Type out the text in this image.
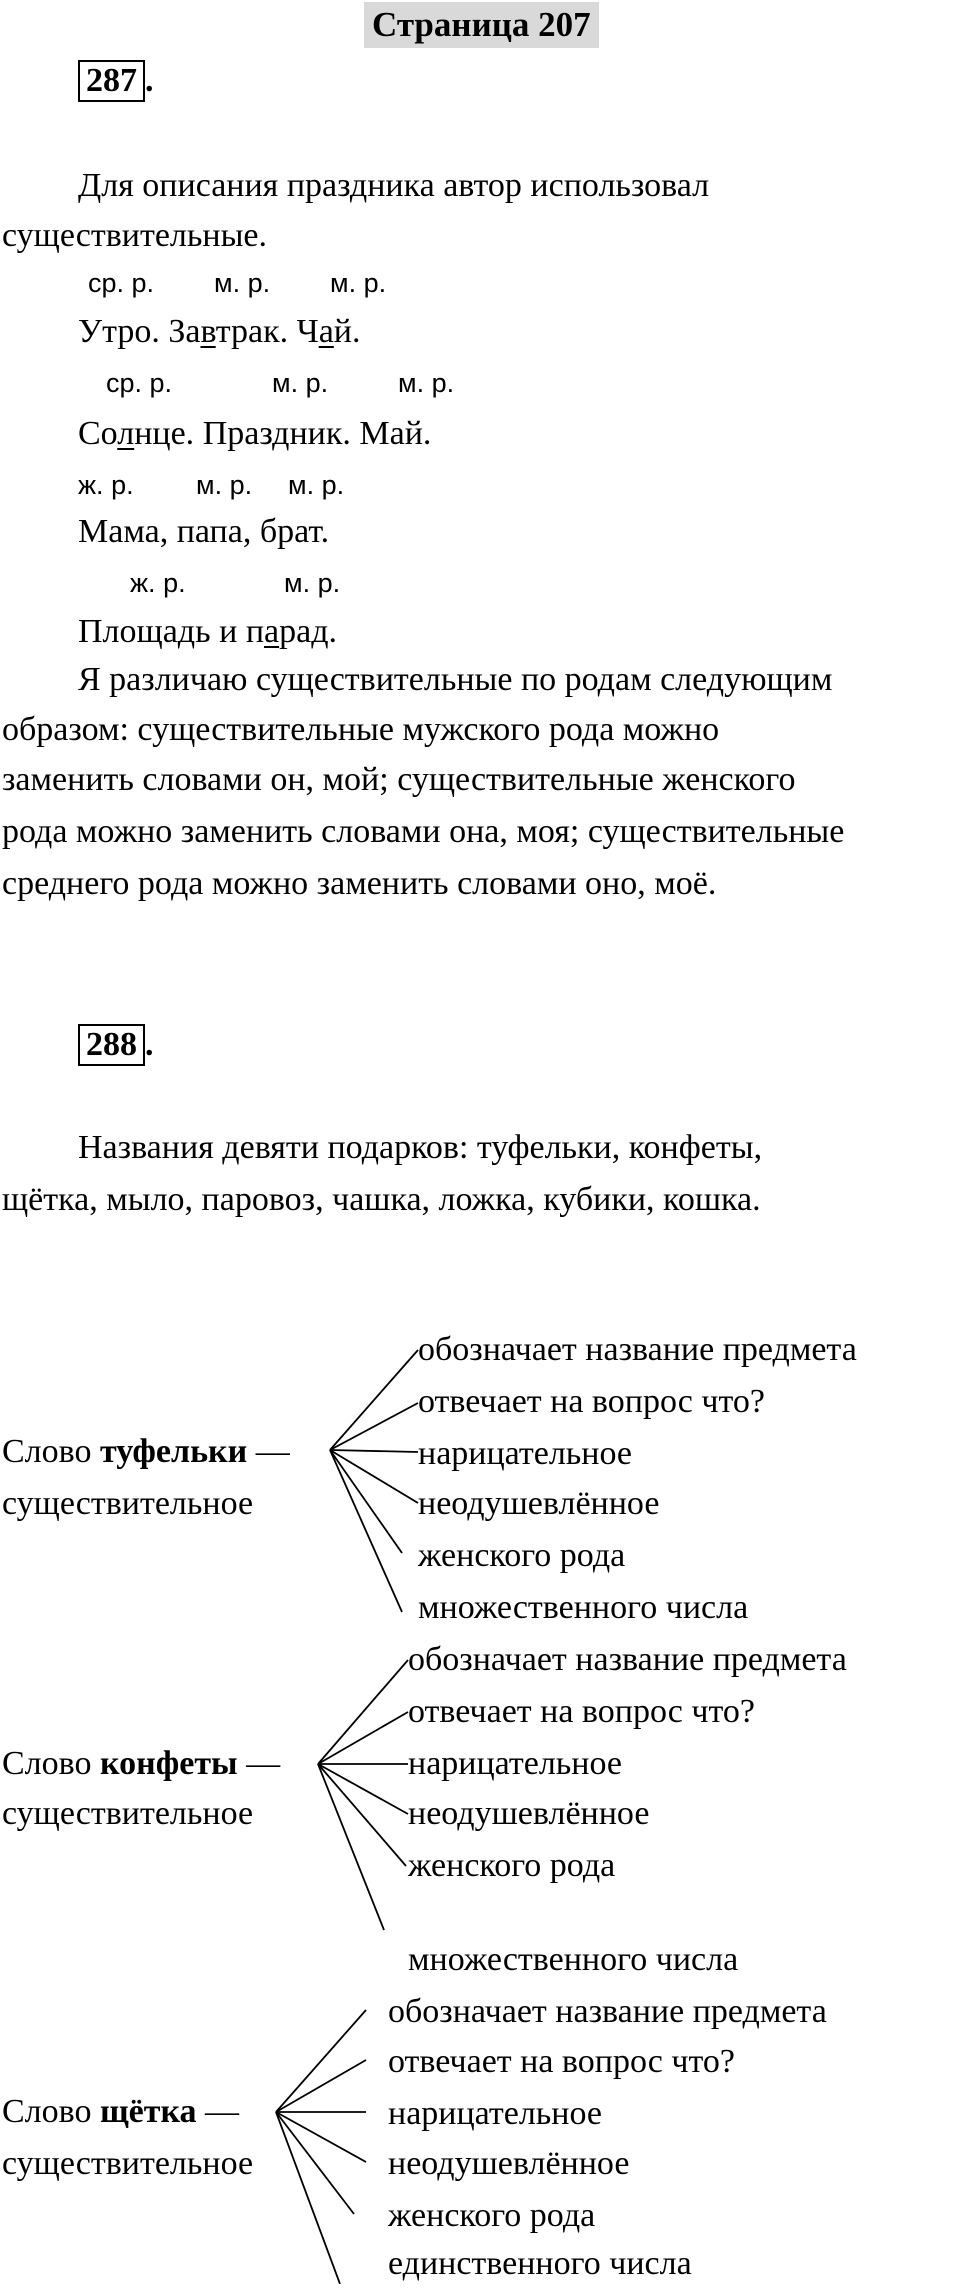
Страница 207
287 .
Для описания праздника автор использовал
существительные.
ср. р. м. р. м. р.
Утро. Завтрак. Чай.
ср. р.	м. р.	м. р.
Солнце. Праздник. Май.
ж. р. м. р. м. р.
Мама, папа, брат.
ж. р.	м. р.
Площадь и парад.
Я различаю существительные по родам следующим
образом: существительные мужского рода можно
заменить словами он, мой; существительные женского
рода можно заменить словами она, моя; существительные
среднего рода можно заменить словами оно, моё.
288 .
Названия девяти подарков: туфельки, конфеты,
щётка, мыло, паровоз, чашка, ложка, кубики, кошка.
Слово туфельки —
существительное
обозначает название предмета
отвечает на вопрос что?
нарицательное
неодушевлённое
женского рода
множественного числа
Слово конфеты —
существительное
обозначает название предмета
отвечает на вопрос что?
нарицательное
неодушевлённое
женского рода
множественного числа
Слово щётка —
существительное
обозначает название предмета
отвечает на вопрос что?
нарицательное
неодушевлённое
женского рода
единственного числа
